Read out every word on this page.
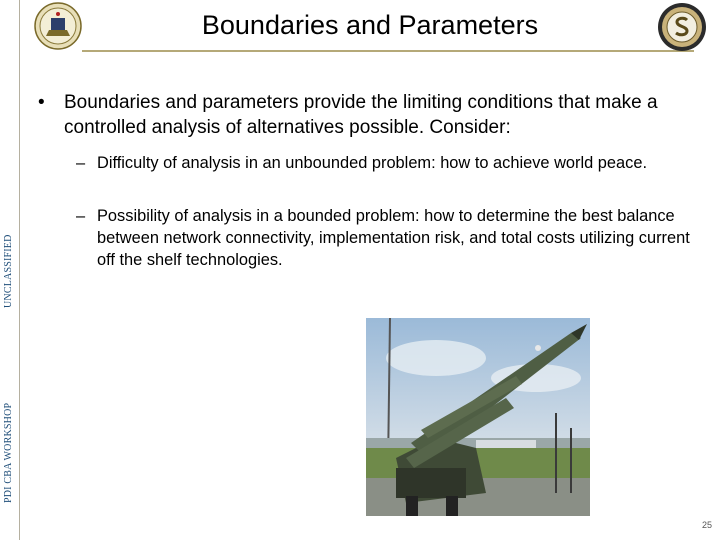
UNCLASSIFIED
PDI CBA WORKSHOP
Boundaries and Parameters
• Boundaries and parameters provide the limiting conditions that make a controlled analysis of alternatives possible. Consider:
– Difficulty of analysis in an unbounded problem: how to achieve world peace.
– Possibility of analysis in a bounded problem: how to determine the best balance between network connectivity, implementation risk, and total costs utilizing current off the shelf technologies.
25
